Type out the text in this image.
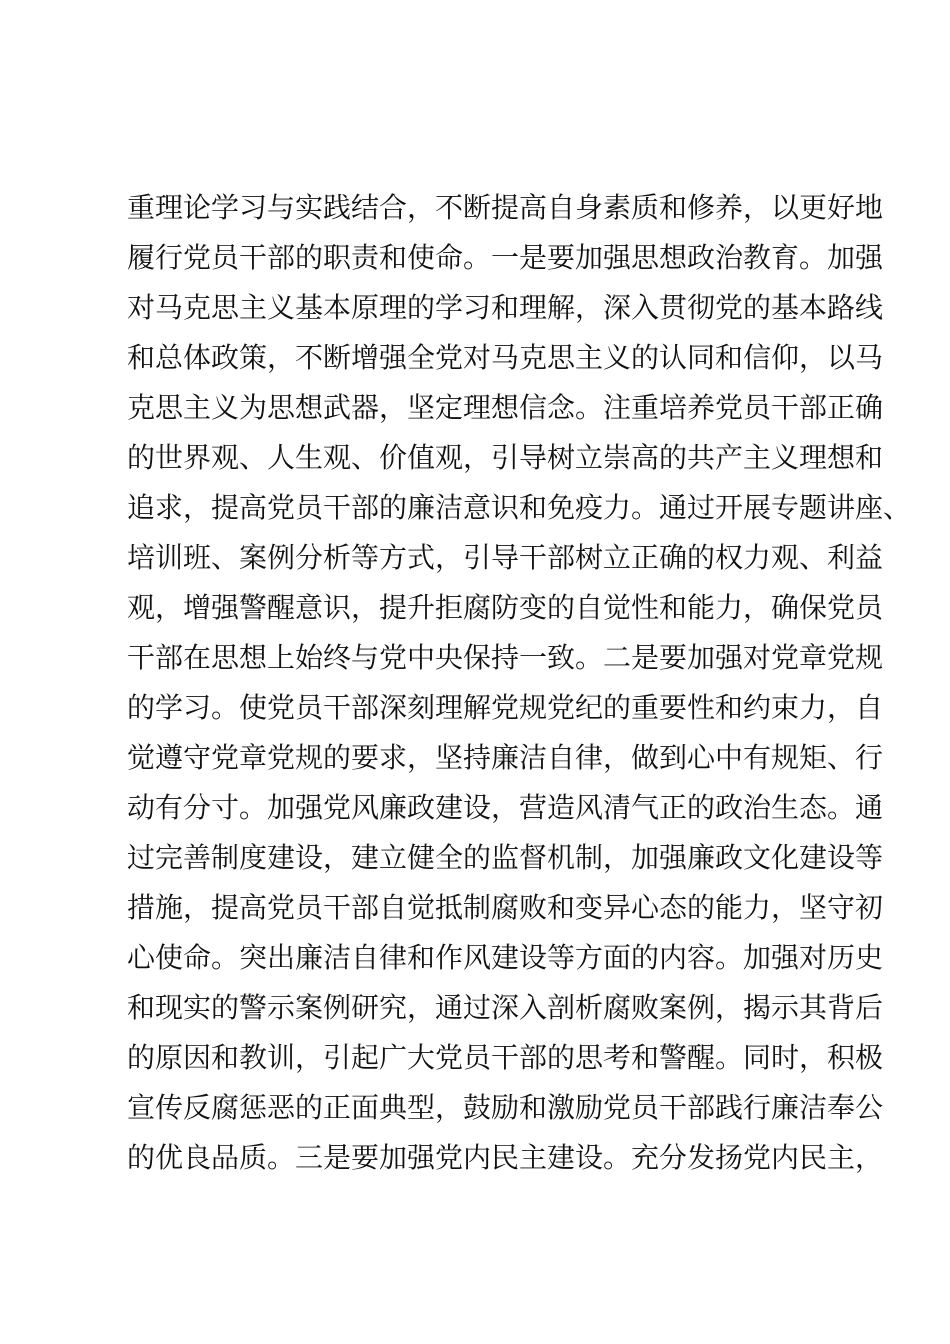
重理论学习与实践结合，不断提高自身素质和修养，以更好地
履行党员干部的职责和使命。一是要加强思想政治教育。加强
对马克思主义基本原理的学习和理解，深入贯彻党的基本路线
和总体政策，不断增强全党对马克思主义的认同和信仰，以马
克思主义为思想武器，坚定理想信念。注重培养党员干部正确
的世界观、人生观、价值观，引导树立崇高的共产主义理想和
追求，提高党员干部的廉洁意识和免疫力。通过开展专题讲座、
培训班、案例分析等方式，引导干部树立正确的权力观、利益
观，增强警醒意识，提升拒腐防变的自觉性和能力，确保党员
干部在思想上始终与党中央保持一致。二是要加强对党章党规
的学习。使党员干部深刻理解党规党纪的重要性和约束力，自
觉遵守党章党规的要求，坚持廉洁自律，做到心中有规矩、行
动有分寸。加强党风廉政建设，营造风清气正的政治生态。通
过完善制度建设，建立健全的监督机制，加强廉政文化建设等
措施，提高党员干部自觉抵制腐败和变异心态的能力，坚守初
心使命。突出廉洁自律和作风建设等方面的内容。加强对历史
和现实的警示案例研究，通过深入剖析腐败案例，揭示其背后
的原因和教训，引起广大党员干部的思考和警醒。同时，积极
宣传反腐惩恶的正面典型，鼓励和激励党员干部践行廉洁奉公
的优良品质。三是要加强党内民主建设。充分发扬党内民主，
